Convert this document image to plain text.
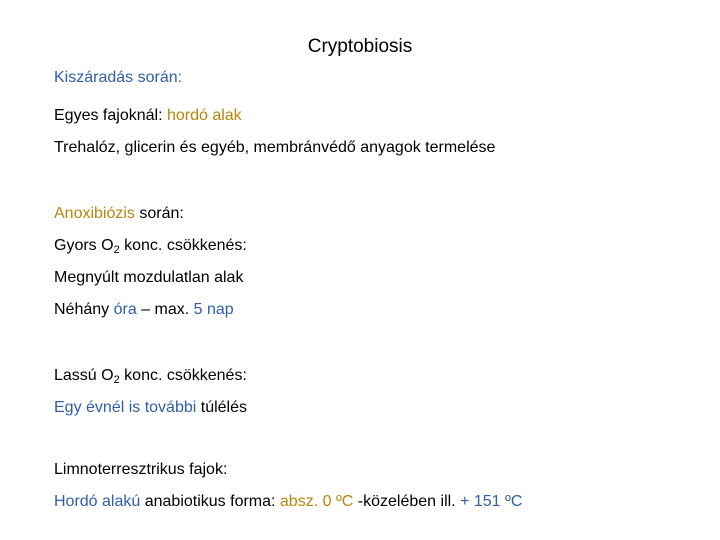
Cryptobiosis
Kiszáradás során:
Egyes fajoknál: hordó alak
Trehalóz, glicerin és egyéb, membránvédő anyagok termelése
Anoxibiózis során:
Gyors $O_2$ konc. csökkenés:
Megnyúlt mozdulatlan alak
Néhány óra – max. 5 nap
Lassú $O_2$ konc. csökkenés:
Egy évnél is további túlélés
Limnoterresztrikus fajok:
Hordó alakú anabiotikus forma: absz. 0 ºC -közelében ill. + 151 ºC
